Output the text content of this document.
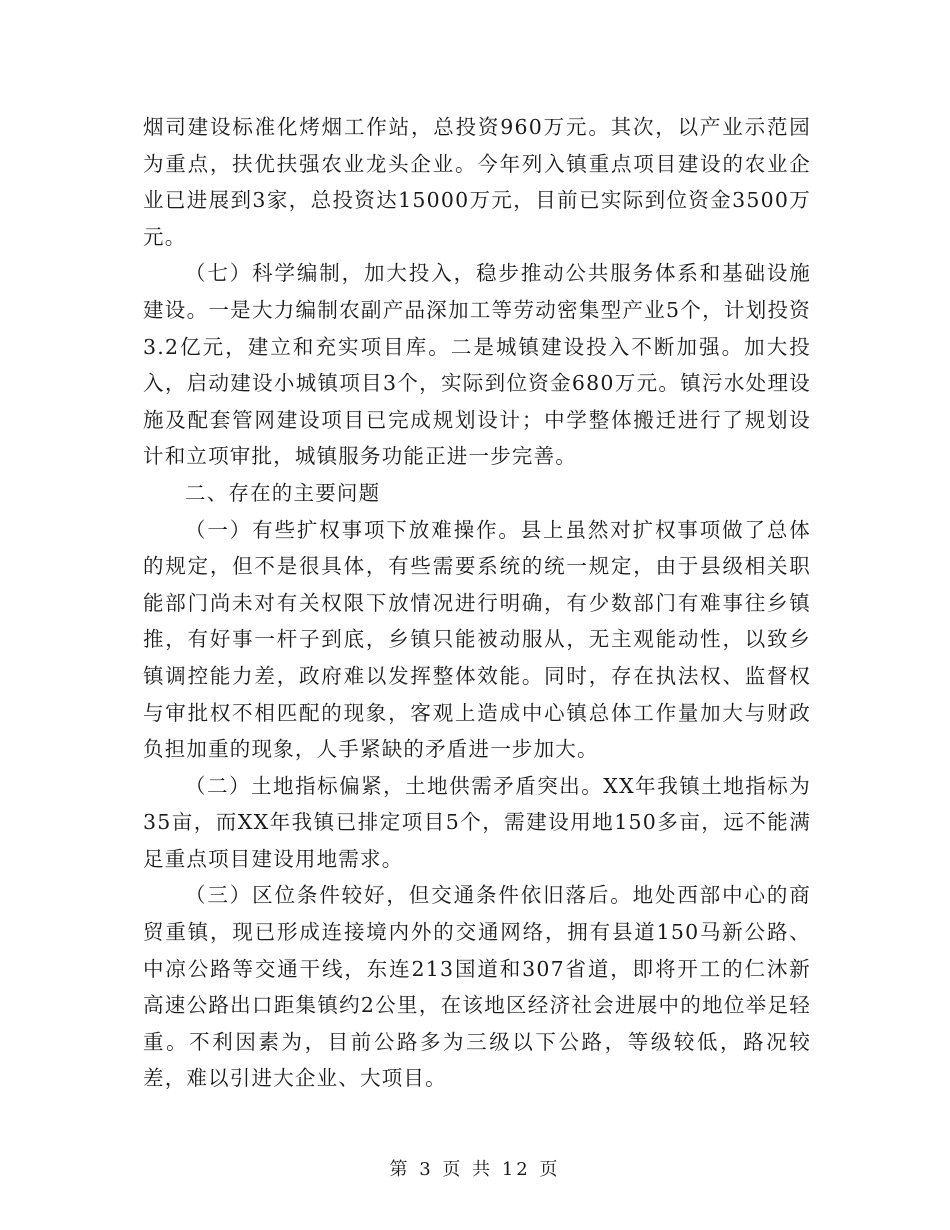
烟司建设标准化烤烟工作站，总投资960万元。其次，以产业示范园为重点，扶优扶强农业龙头企业。今年列入镇重点项目建设的农业企业已进展到3家，总投资达15000万元，目前已实际到位资金3500万元。

（七）科学编制，加大投入，稳步推动公共服务体系和基础设施建设。一是大力编制农副产品深加工等劳动密集型产业5个，计划投资3.2亿元，建立和充实项目库。二是城镇建设投入不断加强。加大投入，启动建设小城镇项目3个，实际到位资金680万元。镇污水处理设施及配套管网建设项目已完成规划设计；中学整体搬迁进行了规划设计和立项审批，城镇服务功能正进一步完善。

二、存在的主要问题

（一）有些扩权事项下放难操作。县上虽然对扩权事项做了总体的规定，但不是很具体，有些需要系统的统一规定，由于县级相关职能部门尚未对有关权限下放情况进行明确，有少数部门有难事往乡镇推，有好事一杆子到底，乡镇只能被动服从，无主观能动性，以致乡镇调控能力差，政府难以发挥整体效能。同时，存在执法权、监督权与审批权不相匹配的现象，客观上造成中心镇总体工作量加大与财政负担加重的现象，人手紧缺的矛盾进一步加大。

（二）土地指标偏紧，土地供需矛盾突出。XX年我镇土地指标为35亩，而XX年我镇已排定项目5个，需建设用地150多亩，远不能满足重点项目建设用地需求。

（三）区位条件较好，但交通条件依旧落后。地处西部中心的商贸重镇，现已形成连接境内外的交通网络，拥有县道150马新公路、中凉公路等交通干线，东连213国道和307省道，即将开工的仁沐新高速公路出口距集镇约2公里，在该地区经济社会进展中的地位举足轻重。不利因素为，目前公路多为三级以下公路，等级较低，路况较差，难以引进大企业、大项目。

第 3 页 共 12 页
